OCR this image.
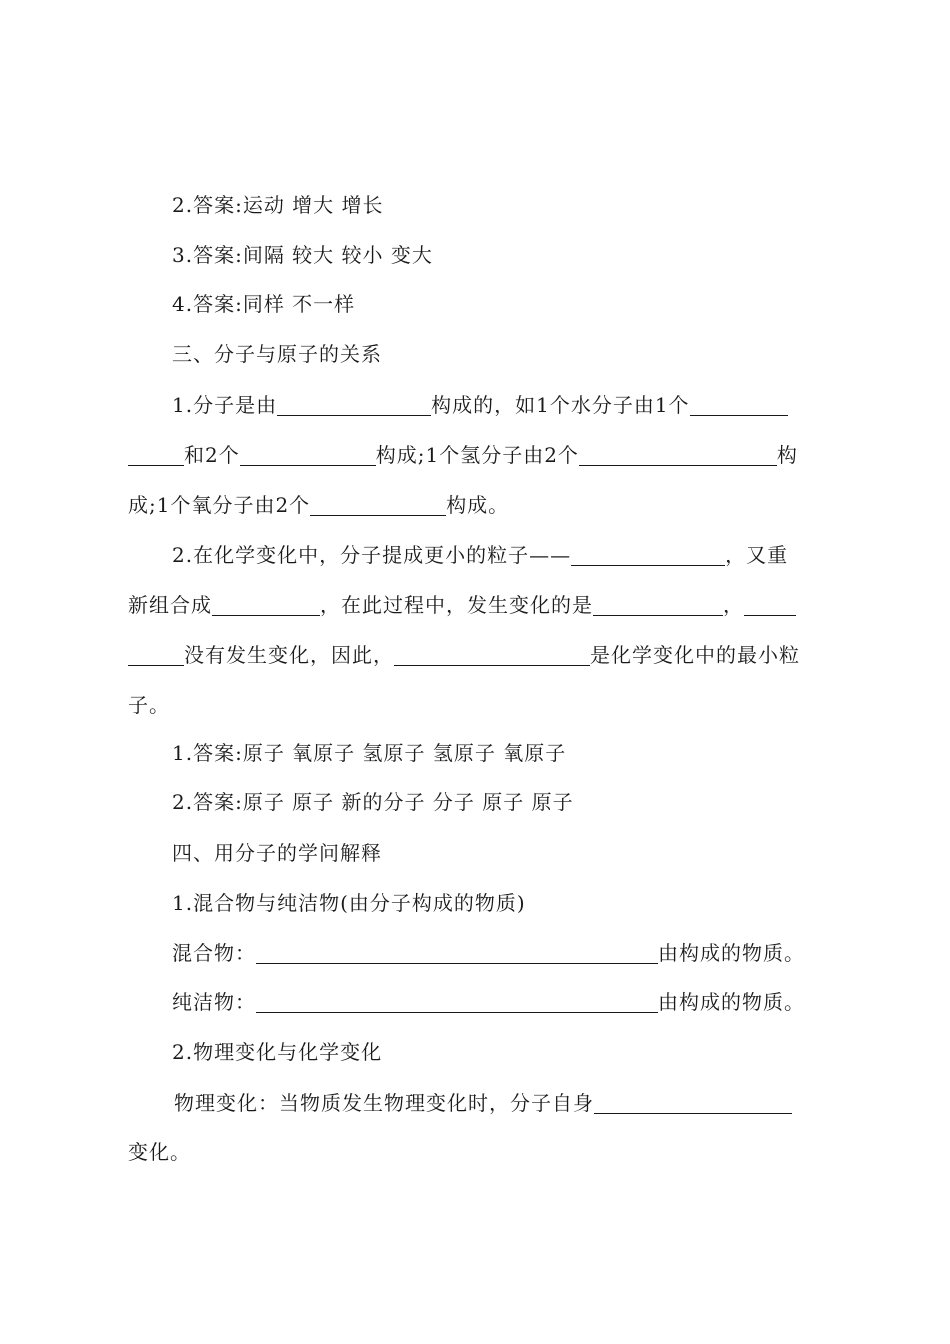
2.答案:运动 增大 增长
3.答案:间隔 较大 较小 变大
4.答案:同样 不一样
三、分子与原子的关系
1.分子是由	构成的，如1个水分子由1个
和2个	构成;1个氢分子由2个	构
成;1个氧分子由2个	构成。
2.在化学变化中，分子提成更小的粒子——	，又重
新组合成	，在此过程中，发生变化的是	，
没有发生变化，因此，	是化学变化中的最小粒
子。
1.答案:原子 氧原子 氢原子 氢原子 氧原子
2.答案:原子 原子 新的分子 分子 原子 原子
四、用分子的学问解释
1.混合物与纯洁物(由分子构成的物质)
混合物：	由构成的物质。
纯洁物：	由构成的物质。
2.物理变化与化学变化
物理变化：当物质发生物理变化时，分子自身
变化。
